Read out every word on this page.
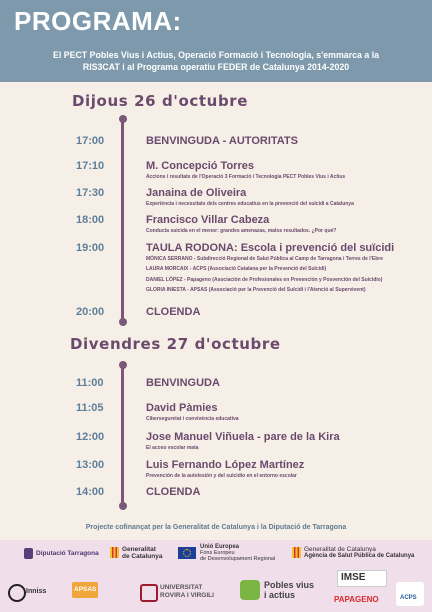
PROGRAMA:
El PECT Pobles Vius i Actius, Operació Formació i Tecnologia, s'emmarca a la
RIS3CAT i al Programa operatiu FEDER de Catalunya 2014-2020
Dijous 26 d'octubre
17:00	BENVINGUDA - AUTORITATS
17:10	M. Concepció Torres
Accions i resultats de l'Operació 3 Formació i Tecnologia PECT Pobles Vius i Actius
17:30	Janaina de Oliveira
Experiència i necessitats dels centres educatius en la prevenció del suïcidi a Catalunya
18:00	Francisco Villar Cabeza
Conducta suicida en el menor: grandes amenazas, malos resultados. ¿Por qué?
19:00	TAULA RODONA: Escola i prevenció del suïcidi
MÒNICA SERRANO - Subdirecció Regional de Salut Pública al Camp de Tarragona i Terres de l'Ebre
LAURA MORCAIX - ACPS (Associació Catalana per la Prevenció del Suïcidi)
DANIEL LÓPEZ - Papageno (Asociación de Profesionales en Prevención y Posvención del Suicidio)
GLORIA INIESTA - APSAS (Associació per la Prevenció del Suïcidi i l'Atenció al Supervivent)
20:00	CLOENDA
Divendres 27 d'octubre
11:00	BENVINGUDA
11:05	David Pàmies
Ciberseguretat i convivència educativa
12:00	Jose Manuel Viñuela - pare de la Kira
El acoso escolar mata
13:00	Luis Fernando López Martínez
Prevención de la autolesión y del suicidio en el entorno escolar
14:00	CLOENDA
Projecte cofinançat per la Generalitat de Catalunya i la Diputació de Tarragona
Diputació Tarragona
Generalitat
de Catalunya
Unió Europea
Fons Europeu
de Desenvolupament Regional
Generalitat de Catalunya
Agència de Salut Pública de Catalunya
Inniss	APSAS	UNIVERSITAT
ROVIRA I VIRGILI
Pobles vius
i actius
IMSE
PAPAGENO	ACPS
